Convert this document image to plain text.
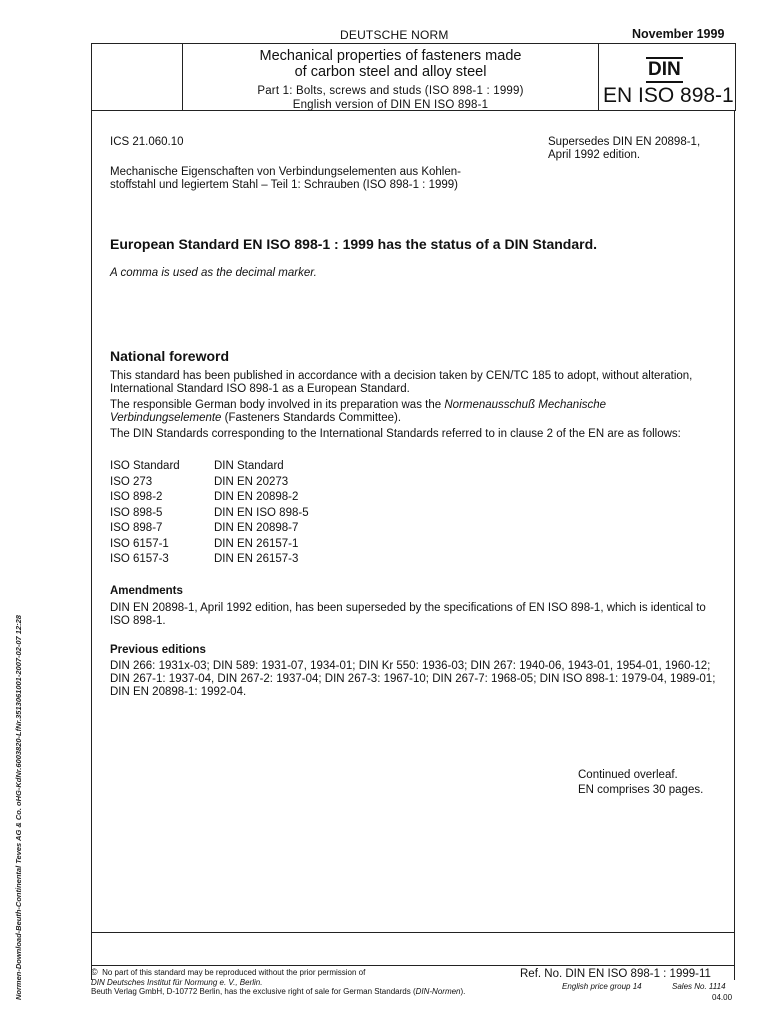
DEUTSCHE NORM	November 1999
Mechanical properties of fasteners made
of carbon steel and alloy steel
Part 1: Bolts, screws and studs (ISO 898-1 : 1999)
English version of DIN EN ISO 898-1
DIN
EN ISO 898-1
ICS 21.060.10	Supersedes DIN EN 20898-1,
April 1992 edition.
Mechanische Eigenschaften von Verbindungselementen aus Kohlen-
stoffstahl und legiertem Stahl – Teil 1: Schrauben (ISO 898-1 : 1999)
European Standard EN ISO 898-1 : 1999 has the status of a DIN Standard.
A comma is used as the decimal marker.
National foreword
This standard has been published in accordance with a decision taken by CEN/TC 185 to adopt, without alteration, International Standard ISO 898-1 as a European Standard.
The responsible German body involved in its preparation was the Normenausschuß Mechanische Verbindungselemente (Fasteners Standards Committee).
The DIN Standards corresponding to the International Standards referred to in clause 2 of the EN are as follows:
ISO Standard	DIN Standard
ISO 273	DIN EN 20273
ISO 898-2	DIN EN 20898-2
ISO 898-5	DIN EN ISO 898-5
ISO 898-7	DIN EN 20898-7
ISO 6157-1	DIN EN 26157-1
ISO 6157-3	DIN EN 26157-3
Amendments
DIN EN 20898-1, April 1992 edition, has been superseded by the specifications of EN ISO 898-1, which is identical to ISO 898-1.
Previous editions
DIN 266: 1931x-03; DIN 589: 1931-07, 1934-01; DIN Kr 550: 1936-03; DIN 267: 1940-06, 1943-01, 1954-01, 1960-12; DIN 267-1: 1937-04, DIN 267-2: 1937-04; DIN 267-3: 1967-10; DIN 267-7: 1968-05; DIN ISO 898-1: 1979-04, 1989-01; DIN EN 20898-1: 1992-04.
Continued overleaf.
EN comprises 30 pages.
Normen-Download-Beuth-Continental Teves AG & Co. oHG-KdNr.6003820-LfNr.3513061001-2007-02-07 12:28	© No part of this standard may be reproduced without the prior permission of
DIN Deutsches Institut für Normung e. V., Berlin.
Beuth Verlag GmbH, D-10772 Berlin, has the exclusive right of sale for German Standards (DIN-Normen).
Ref. No. DIN EN ISO 898-1 : 1999-11
English price group 14	Sales No. 1114
04.00
